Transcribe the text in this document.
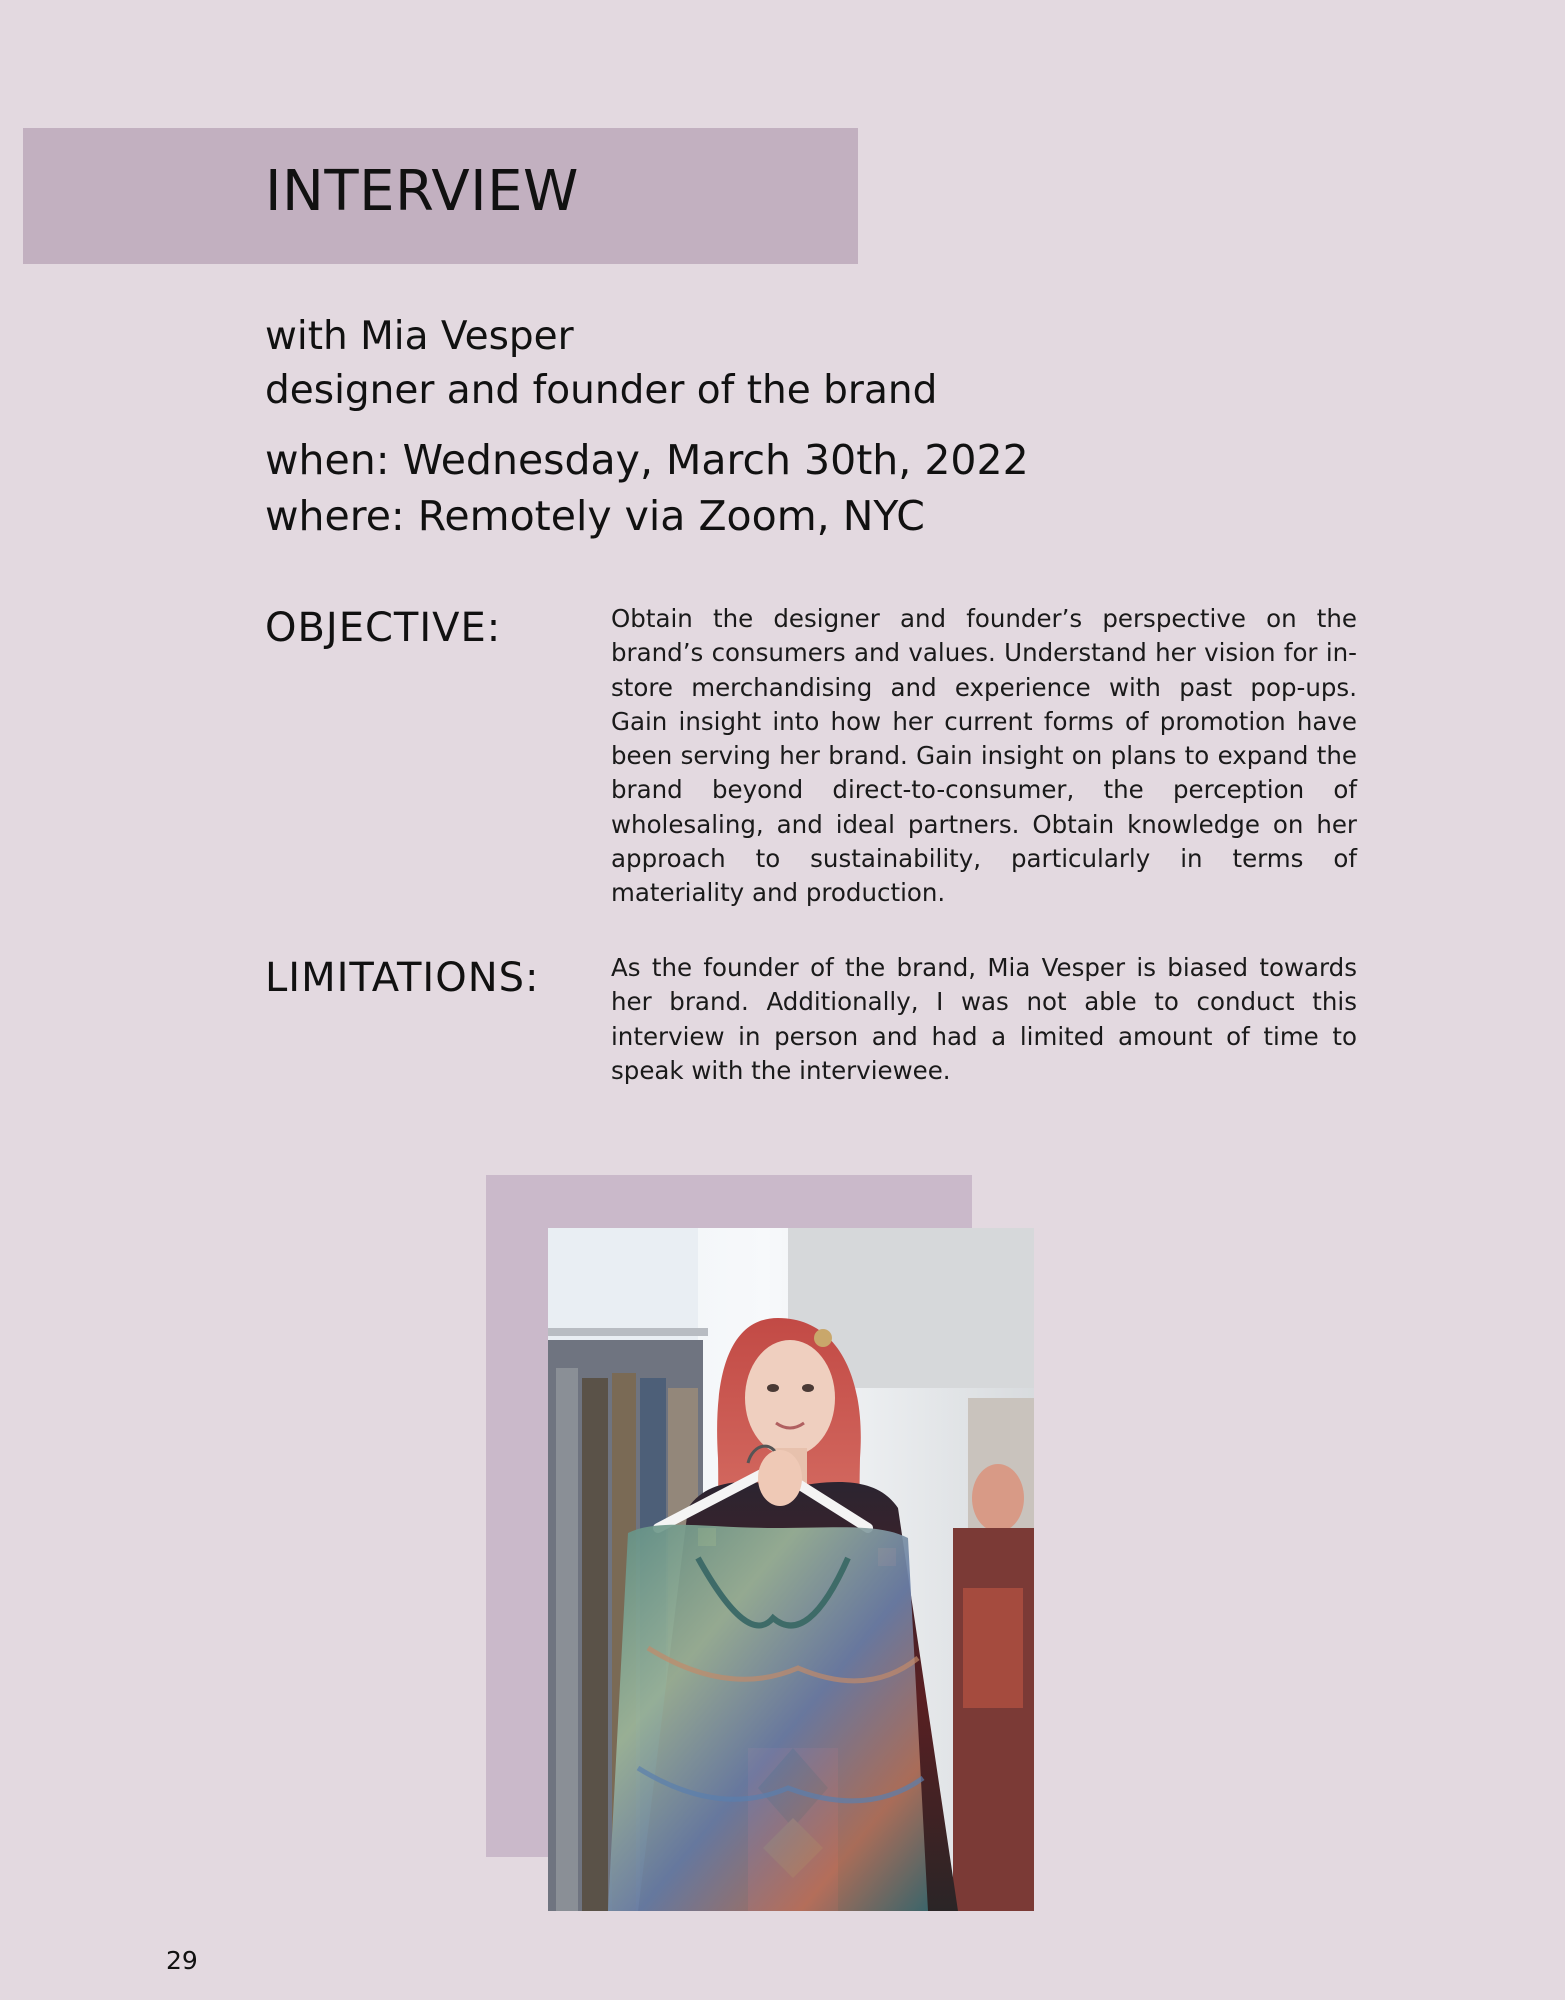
INTERVIEW

with Mia Vesper

designer and founder of the brand

when: Wednesday, March 30th, 2022

where: Remotely via Zoom, NYC

OBJECTIVE:	Obtain the designer and founder’s perspective on the brand’s consumers and values. Understand her vision for in-store merchandising and experience with past pop-ups. Gain insight into how her current forms of promotion have been serving her brand. Gain insight on plans to expand the brand beyond direct-to-consumer, the perception of wholesaling, and ideal partners. Obtain knowledge on her approach to sustainability, particularly in terms of materiality and production.

LIMITATIONS:	As the founder of the brand, Mia Vesper is biased towards her brand. Additionally, I was not able to conduct this interview in person and had a limited amount of time to speak with the interviewee.

29
